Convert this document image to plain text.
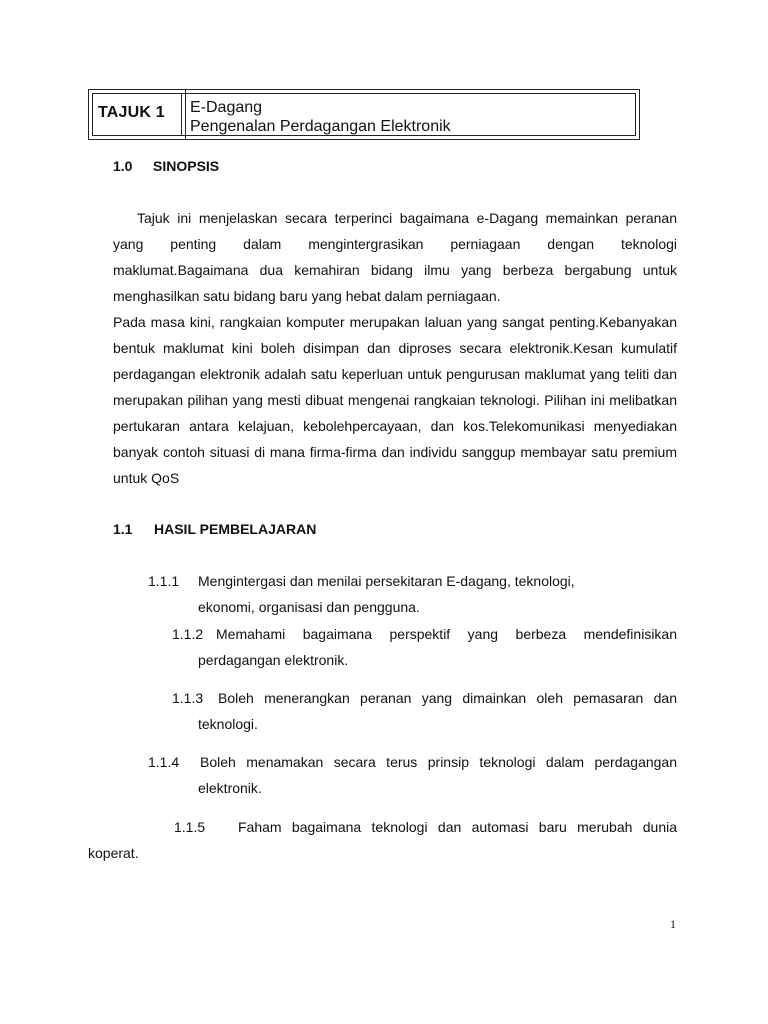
TAJUK 1 E-Dagang
Pengenalan Perdagangan Elektronik
1.0 SINOPSIS

Tajuk ini menjelaskan secara terperinci bagaimana e-Dagang memainkan peranan yang penting dalam mengintergrasikan perniagaan dengan teknologi maklumat.Bagaimana dua kemahiran bidang ilmu yang berbeza bergabung untuk menghasilkan satu bidang baru yang hebat dalam perniagaan.

Pada masa kini, rangkaian komputer merupakan laluan yang sangat penting.Kebanyakan bentuk maklumat kini boleh disimpan dan diproses secara elektronik.Kesan kumulatif perdagangan elektronik adalah satu keperluan untuk pengurusan maklumat yang teliti dan merupakan pilihan yang mesti dibuat mengenai rangkaian teknologi. Pilihan ini melibatkan pertukaran antara kelajuan, kebolehpercayaan, dan kos.Telekomunikasi menyediakan banyak contoh situasi di mana firma-firma dan individu sanggup membayar satu premium untuk QoS

1.1 HASIL PEMBELAJARAN
1.1.1 Mengintergasi dan menilai persekitaran E-dagang, teknologi,
ekonomi, organisasi dan pengguna.
1.1.2 Memahami bagaimana perspektif yang berbeza mendefinisikan
perdagangan elektronik.
1.1.3	Boleh menerangkan peranan yang dimainkan oleh pemasaran dan
teknologi.
1.1.4	Boleh menamakan secara terus prinsip teknologi dalam perdagangan
elektronik.
1.1.5	Faham bagaimana teknologi dan automasi baru merubah dunia
koperat.
1
